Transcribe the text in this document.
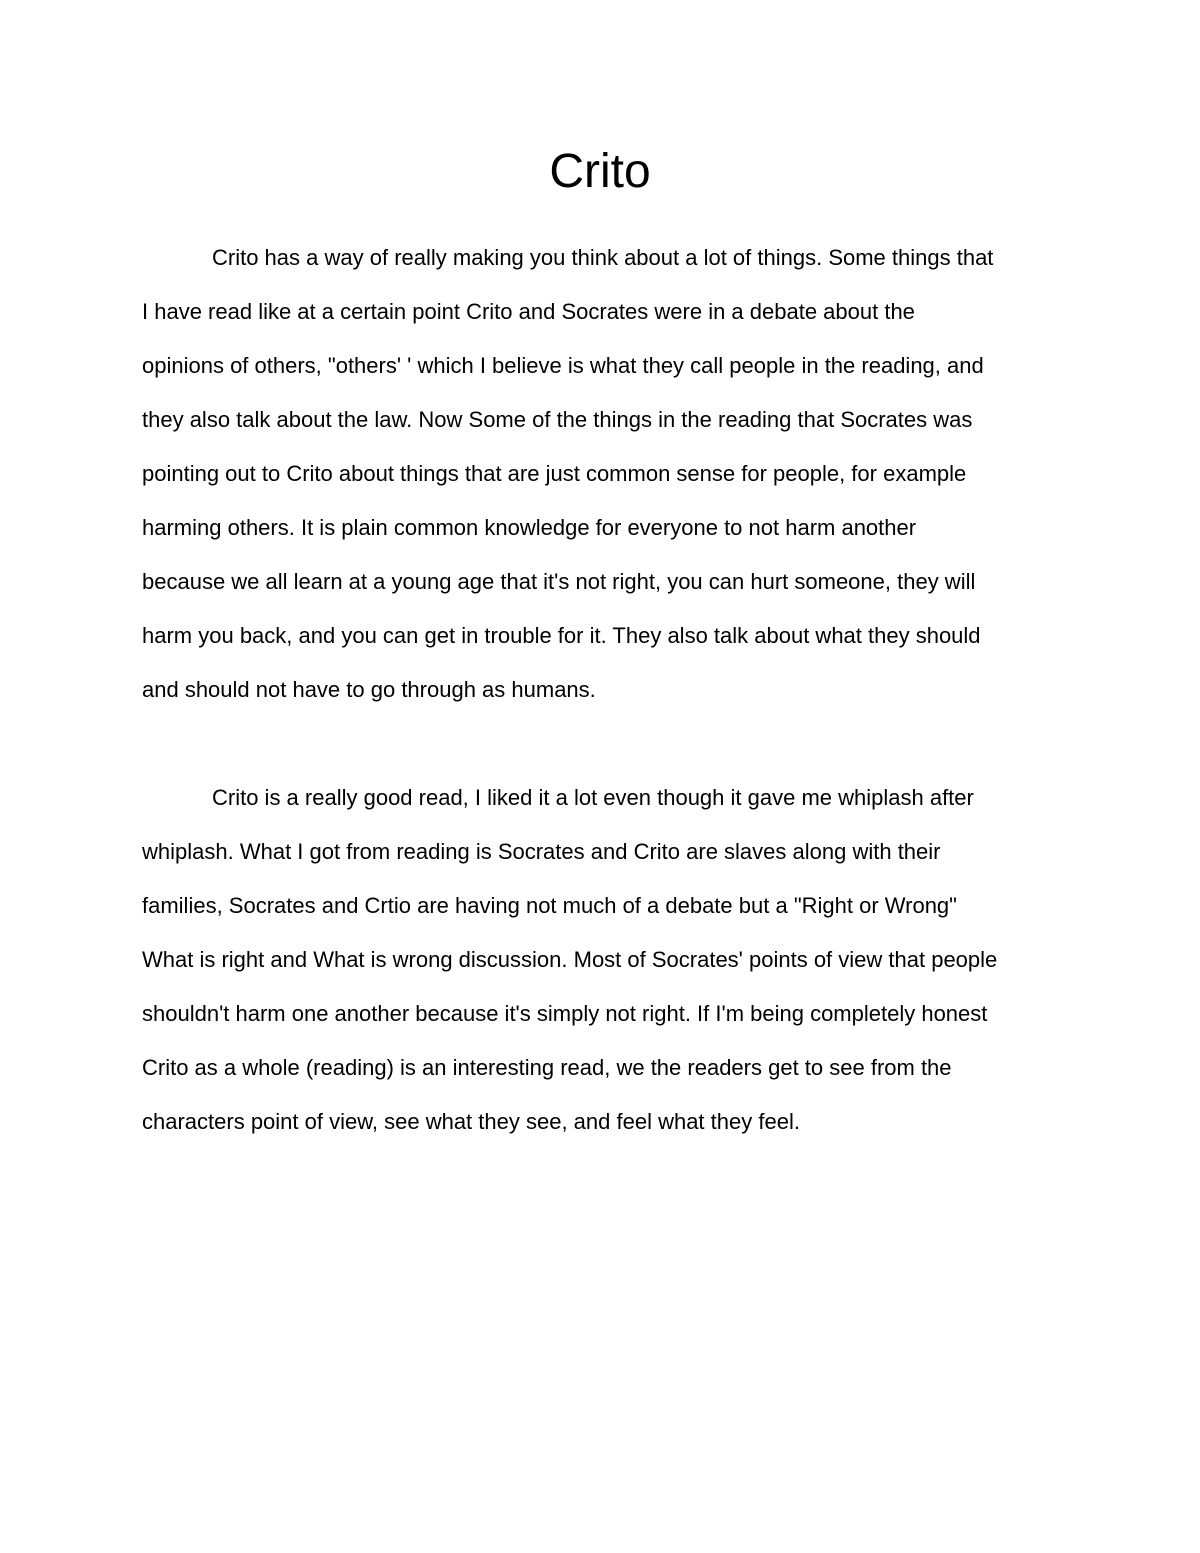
Crito

Crito has a way of really making you think about a lot of things. Some things that

I have read like at a certain point Crito and Socrates were in a debate about the

opinions of others, "others' ' which I believe is what they call people in the reading, and

they also talk about the law. Now Some of the things in the reading that Socrates was

pointing out to Crito about things that are just common sense for people, for example

harming others. It is plain common knowledge for everyone to not harm another

because we all learn at a young age that it's not right, you can hurt someone, they will

harm you back, and you can get in trouble for it. They also talk about what they should

and should not have to go through as humans.

Crito is a really good read, I liked it a lot even though it gave me whiplash after

whiplash. What I got from reading is Socrates and Crito are slaves along with their

families, Socrates and Crtio are having not much of a debate but a "Right or Wrong"

What is right and What is wrong discussion. Most of Socrates' points of view that people

shouldn't harm one another because it's simply not right. If I'm being completely honest

Crito as a whole (reading) is an interesting read, we the readers get to see from the

characters point of view, see what they see, and feel what they feel.
